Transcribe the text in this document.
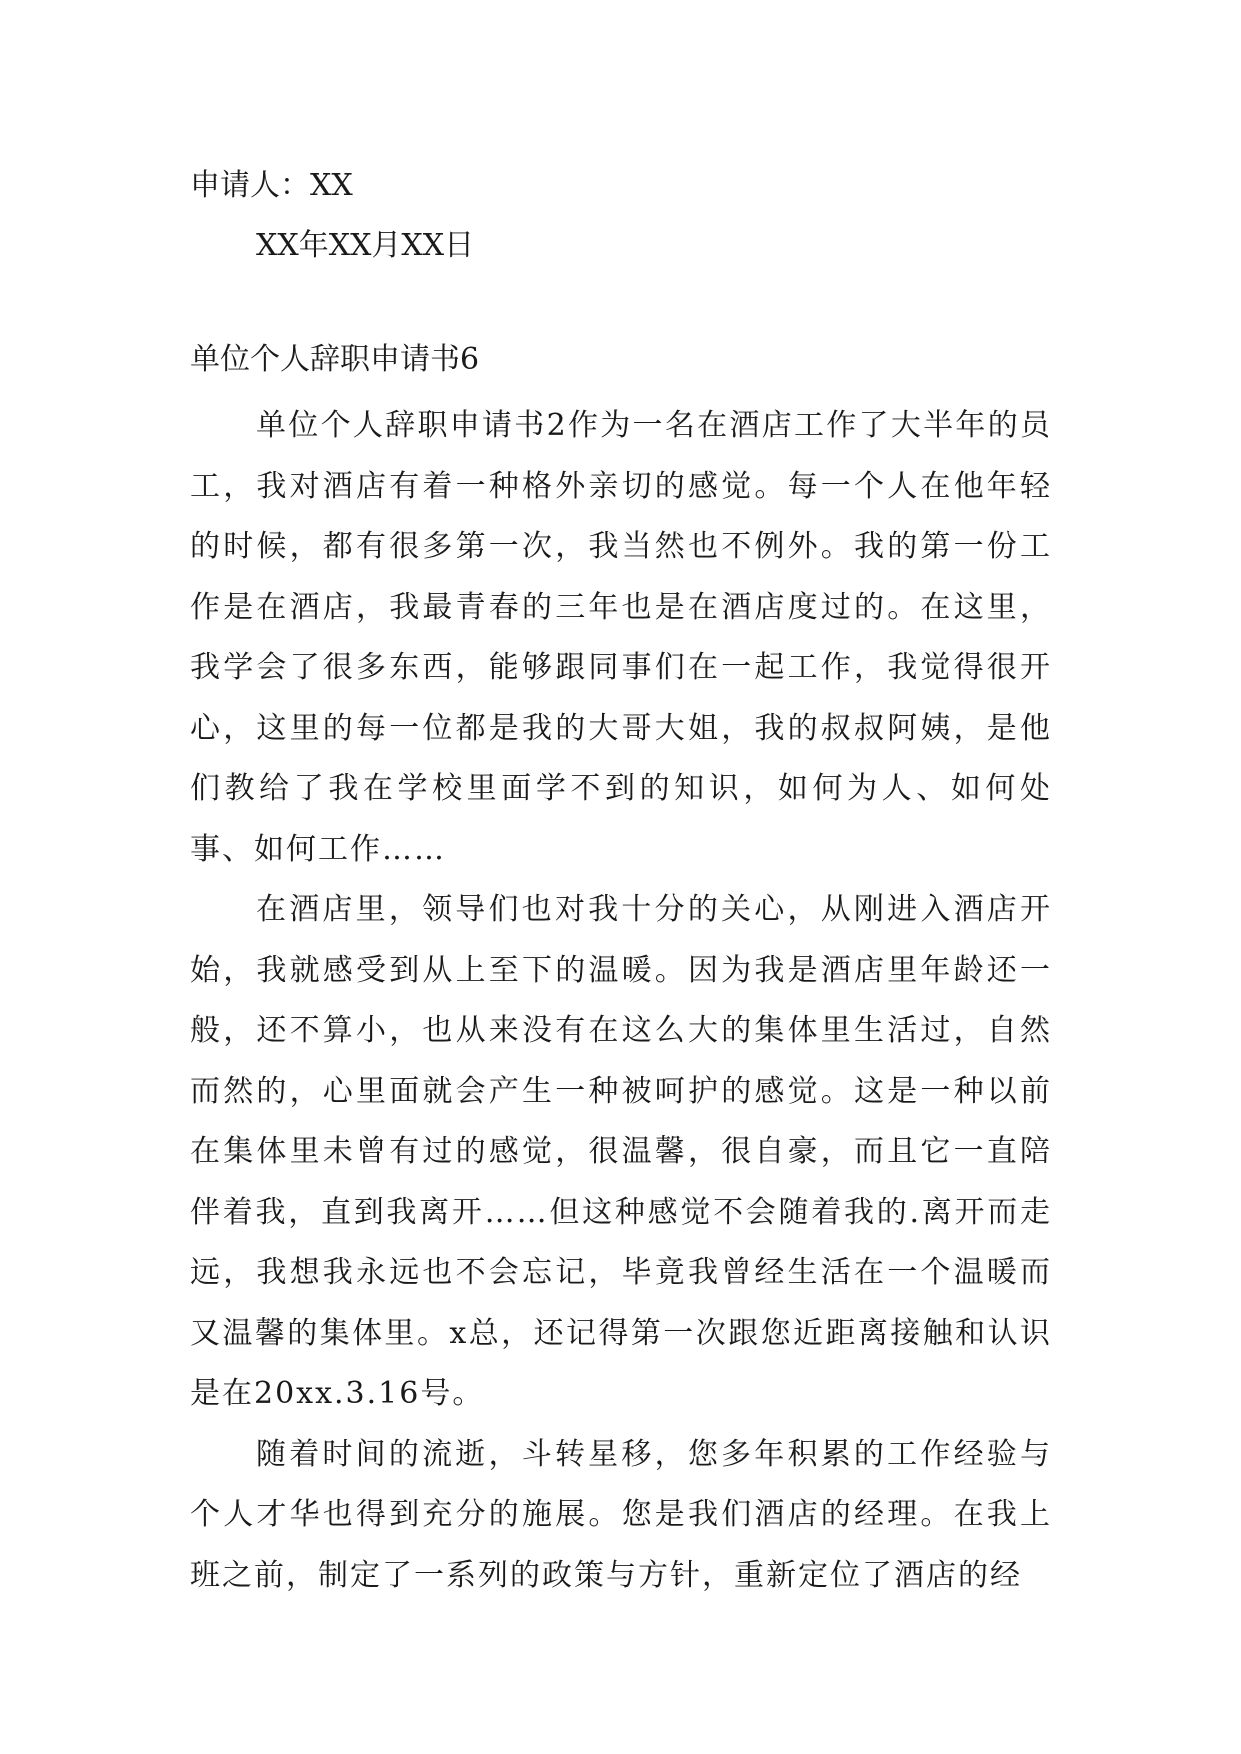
申请人：XX

XX年XX月XX日

单位个人辞职申请书6

单位个人辞职申请书2作为一名在酒店工作了大半年的员工，我对酒店有着一种格外亲切的感觉。每一个人在他年轻的时候，都有很多第一次，我当然也不例外。我的第一份工作是在酒店，我最青春的三年也是在酒店度过的。在这里，我学会了很多东西，能够跟同事们在一起工作，我觉得很开心，这里的每一位都是我的大哥大姐，我的叔叔阿姨，是他们教给了我在学校里面学不到的知识，如何为人、如何处事、如何工作……

在酒店里，领导们也对我十分的关心，从刚进入酒店开始，我就感受到从上至下的温暖。因为我是酒店里年龄还一般，还不算小，也从来没有在这么大的集体里生活过，自然而然的，心里面就会产生一种被呵护的感觉。这是一种以前在集体里未曾有过的感觉，很温馨，很自豪，而且它一直陪伴着我，直到我离开……但这种感觉不会随着我的.离开而走远，我想我永远也不会忘记，毕竟我曾经生活在一个温暖而又温馨的集体里。x总，还记得第一次跟您近距离接触和认识是在20xx.3.16号。

随着时间的流逝，斗转星移，您多年积累的工作经验与个人才华也得到充分的施展。您是我们酒店的经理。在我上班之前，制定了一系列的政策与方针，重新定位了酒店的经
